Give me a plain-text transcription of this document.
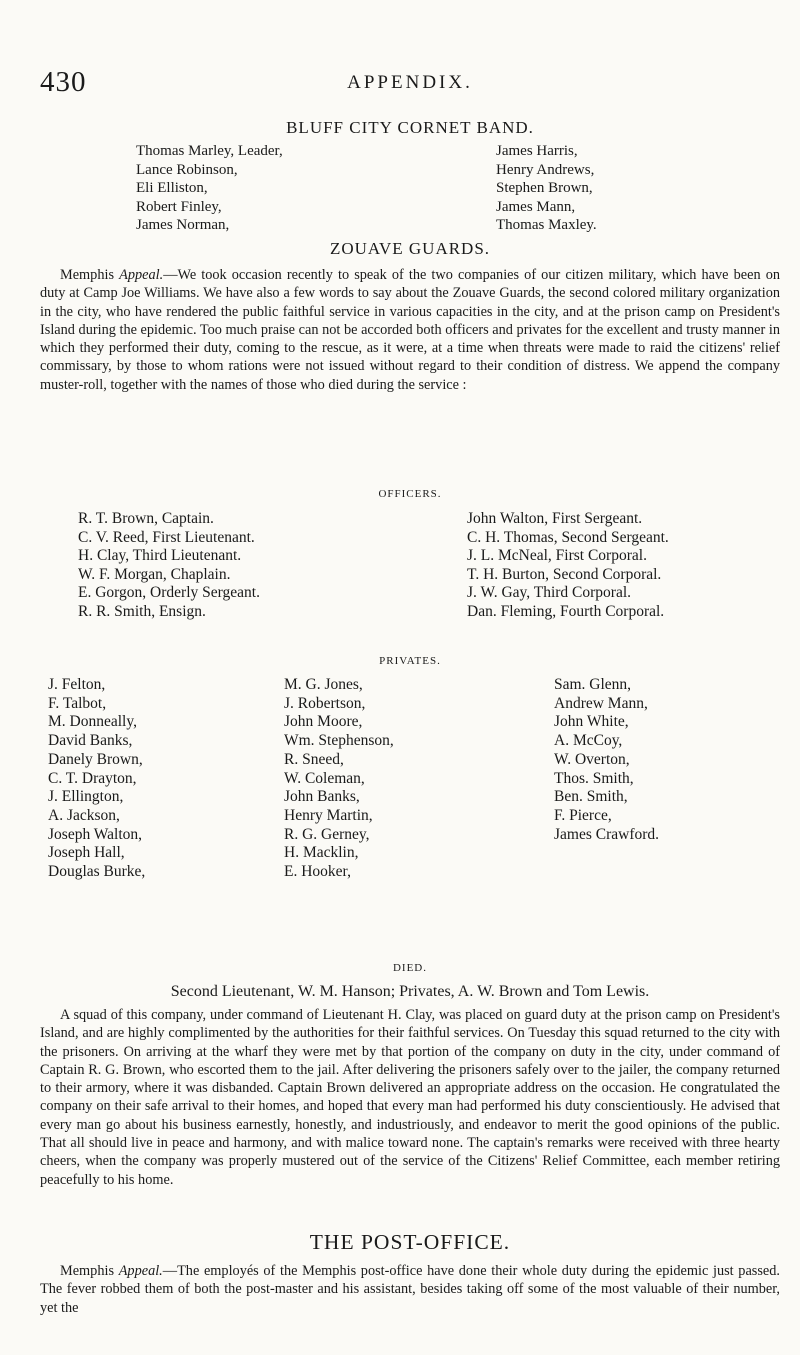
430	APPENDIX.
BLUFF CITY CORNET BAND.
Thomas Marley, Leader,
Lance Robinson,
Eli Elliston,
Robert Finley,
James Norman,
James Harris,
Henry Andrews,
Stephen Brown,
James Mann,
Thomas Maxley.
ZOUAVE GUARDS.
Memphis Appeal.—We took occasion recently to speak of the two companies of our citizen military, which have been on duty at Camp Joe Williams. We have also a few words to say about the Zouave Guards, the second colored military organization in the city, who have rendered the public faithful service in various capacities in the city, and at the prison camp on President's Island during the epidemic. Too much praise can not be accorded both officers and privates for the excellent and trusty manner in which they performed their duty, coming to the rescue, as it were, at a time when threats were made to raid the citizens' relief commissary, by those to whom rations were not issued without regard to their condition of distress. We append the company muster-roll, together with the names of those who died during the service :
OFFICERS.
R. T. Brown, Captain.
C. V. Reed, First Lieutenant.
H. Clay, Third Lieutenant.
W. F. Morgan, Chaplain.
E. Gorgon, Orderly Sergeant.
R. R. Smith, Ensign.
John Walton, First Sergeant.
C. H. Thomas, Second Sergeant.
J. L. McNeal, First Corporal.
T. H. Burton, Second Corporal.
J. W. Gay, Third Corporal.
Dan. Fleming, Fourth Corporal.
PRIVATES.
J. Felton,
F. Talbot,
M. Donneally,
David Banks,
Danely Brown,
C. T. Drayton,
J. Ellington,
A. Jackson,
Joseph Walton,
Joseph Hall,
Douglas Burke,
M. G. Jones,
J. Robertson,
John Moore,
Wm. Stephenson,
R. Sneed,
W. Coleman,
John Banks,
Henry Martin,
R. G. Gerney,
H. Macklin,
E. Hooker,
Sam. Glenn,
Andrew Mann,
John White,
A. McCoy,
W. Overton,
Thos. Smith,
Ben. Smith,
F. Pierce,
James Crawford.
DIED.
Second Lieutenant, W. M. Hanson; Privates, A. W. Brown and Tom Lewis.
A squad of this company, under command of Lieutenant H. Clay, was placed on guard duty at the prison camp on President's Island, and are highly complimented by the authorities for their faithful services. On Tuesday this squad returned to the city with the prisoners. On arriving at the wharf they were met by that portion of the company on duty in the city, under command of Captain R. G. Brown, who escorted them to the jail. After delivering the prisoners safely over to the jailer, the company returned to their armory, where it was disbanded. Captain Brown delivered an appropriate address on the occasion. He congratulated the company on their safe arrival to their homes, and hoped that every man had performed his duty conscientiously. He advised that every man go about his business earnestly, honestly, and industriously, and endeavor to merit the good opinions of the public. That all should live in peace and harmony, and with malice toward none. The captain's remarks were received with three hearty cheers, when the company was properly mustered out of the service of the Citizens' Relief Committee, each member retiring peacefully to his home.
THE POST-OFFICE.
Memphis Appeal.—The employés of the Memphis post-office have done their whole duty during the epidemic just passed. The fever robbed them of both the post-master and his assistant, besides taking off some of the most valuable of their number, yet the
